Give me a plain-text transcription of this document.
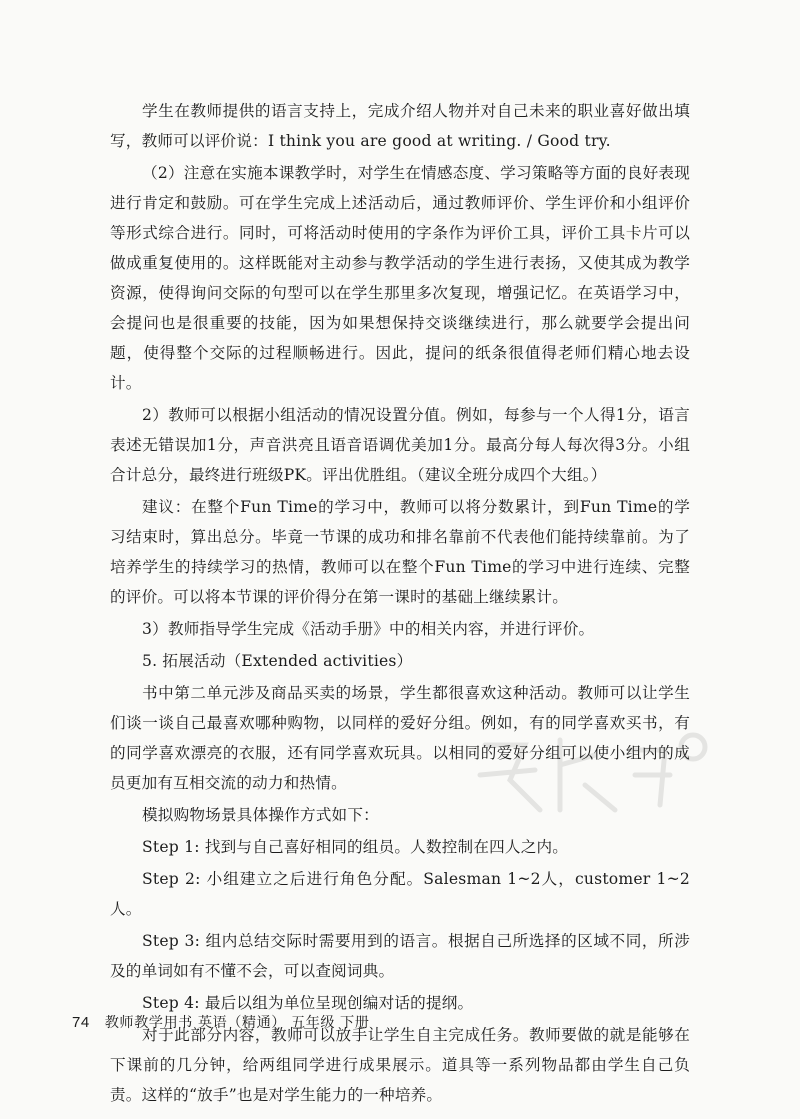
学生在教师提供的语言支持上，完成介绍人物并对自己未来的职业喜好做出填写，教师可以评价说：I think you are good at writing. / Good try.

（2）注意在实施本课教学时，对学生在情感态度、学习策略等方面的良好表现进行肯定和鼓励。可在学生完成上述活动后，通过教师评价、学生评价和小组评价等形式综合进行。同时，可将活动时使用的字条作为评价工具，评价工具卡片可以做成重复使用的。这样既能对主动参与教学活动的学生进行表扬，又使其成为教学资源，使得询问交际的句型可以在学生那里多次复现，增强记忆。在英语学习中，会提问也是很重要的技能，因为如果想保持交谈继续进行，那么就要学会提出问题，使得整个交际的过程顺畅进行。因此，提问的纸条很值得老师们精心地去设计。

2）教师可以根据小组活动的情况设置分值。例如，每参与一个人得1分，语言表述无错误加1分，声音洪亮且语音语调优美加1分。最高分每人每次得3分。小组合计总分，最终进行班级PK。评出优胜组。（建议全班分成四个大组。）

建议：在整个Fun Time的学习中，教师可以将分数累计，到Fun Time的学习结束时，算出总分。毕竟一节课的成功和排名靠前不代表他们能持续靠前。为了培养学生的持续学习的热情，教师可以在整个Fun Time的学习中进行连续、完整的评价。可以将本节课的评价得分在第一课时的基础上继续累计。

3）教师指导学生完成《活动手册》中的相关内容，并进行评价。

5. 拓展活动（Extended activities）

书中第二单元涉及商品买卖的场景，学生都很喜欢这种活动。教师可以让学生们谈一谈自己最喜欢哪种购物，以同样的爱好分组。例如，有的同学喜欢买书，有的同学喜欢漂亮的衣服，还有同学喜欢玩具。以相同的爱好分组可以使小组内的成员更加有互相交流的动力和热情。

模拟购物场景具体操作方式如下：

Step 1: 找到与自己喜好相同的组员。人数控制在四人之内。

Step 2: 小组建立之后进行角色分配。Salesman 1~2人，customer 1~2人。

Step 3: 组内总结交际时需要用到的语言。根据自己所选择的区域不同，所涉及的单词如有不懂不会，可以查阅词典。

Step 4: 最后以组为单位呈现创编对话的提纲。

对于此部分内容，教师可以放手让学生自主完成任务。教师要做的就是能够在下课前的几分钟，给两组同学进行成果展示。道具等一系列物品都由学生自己负责。这样的“放手”也是对学生能力的一种培养。

74 教师教学用书 英语（精通） 五年级 下册
